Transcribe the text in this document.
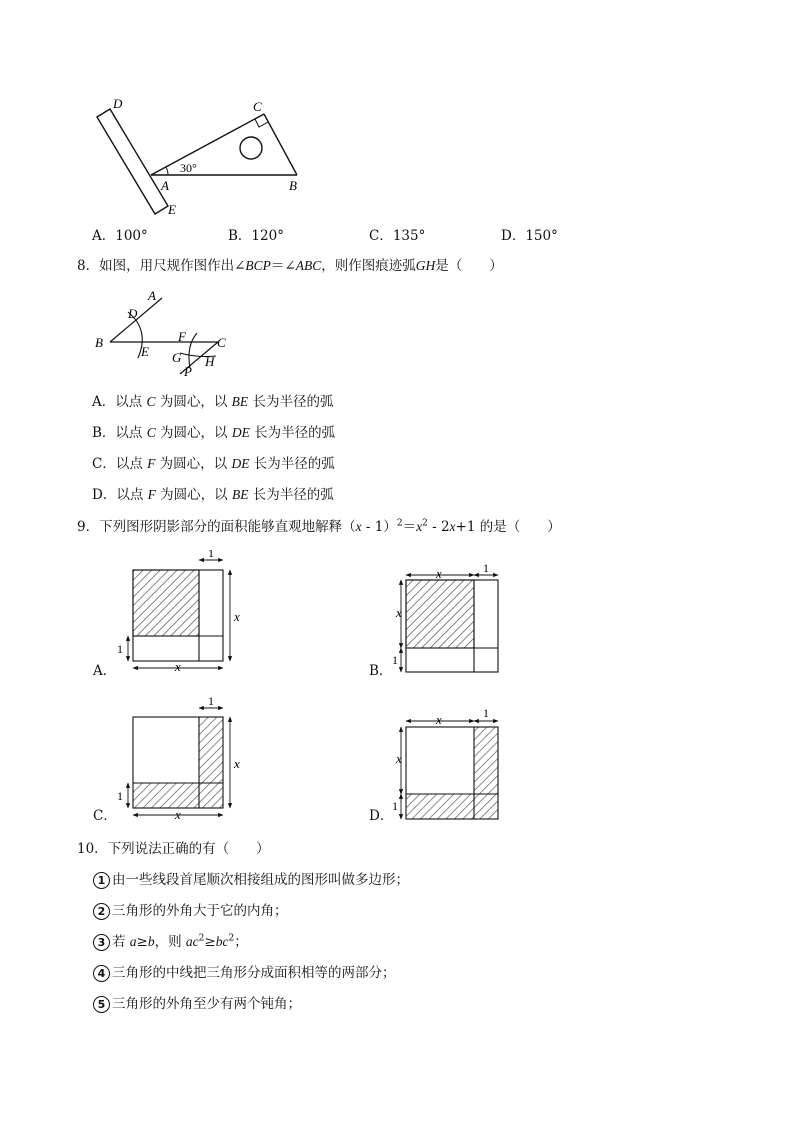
D	C
30°
A	B
E
A．100°	B．120°	C．135°	D．150°
8．如图，用尺规作图作出∠BCP＝∠ABC，则作图痕迹弧GH是（　　）
A
D
B
E
F C
G H
P
A．以点 C 为圆心，以 BE 长为半径的弧
B．以点 C 为圆心，以 DE 长为半径的弧
C．以点 F 为圆心，以 DE 长为半径的弧
D．以点 F 为圆心，以 BE 长为半径的弧
9．下列图形阴影部分的面积能够直观地解释$(x - 1)^2=x^2 - 2x+1$ 的是（　　）
1
x
1
x
A．
x	1
x
1
B．
1
x
1
x
C．
x	1
x
1
D．
10．下列说法正确的有（　　）
1 由一些线段首尾顺次相接组成的图形叫做多边形；
2 三角形的外角大于它的内角；
3 若 a≥b，则 $ac^2\ge bc^2$；
4 三角形的中线把三角形分成面积相等的两部分；
5 三角形的外角至少有两个钝角；
